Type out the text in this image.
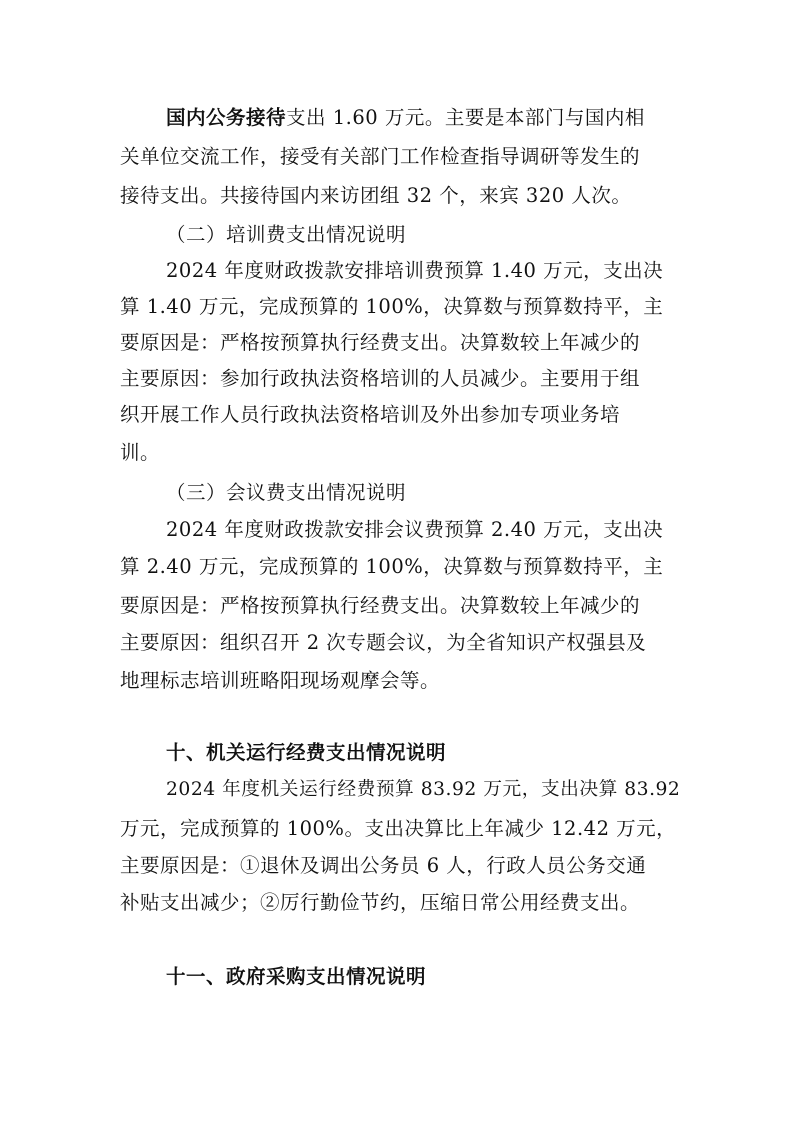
国内公务接待支出 1.60 万元。主要是本部门与国内相
关单位交流工作，接受有关部门工作检查指导调研等发生的
接待支出。共接待国内来访团组 32 个，来宾 320 人次。
（二）培训费支出情况说明
2024 年度财政拨款安排培训费预算 1.40 万元，支出决
算 1.40 万元，完成预算的 100%，决算数与预算数持平，主
要原因是：严格按预算执行经费支出。决算数较上年减少的
主要原因：参加行政执法资格培训的人员减少。主要用于组
织开展工作人员行政执法资格培训及外出参加专项业务培
训。
（三）会议费支出情况说明
2024 年度财政拨款安排会议费预算 2.40 万元，支出决
算 2.40 万元，完成预算的 100%，决算数与预算数持平，主
要原因是：严格按预算执行经费支出。决算数较上年减少的
主要原因：组织召开 2 次专题会议，为全省知识产权强县及
地理标志培训班略阳现场观摩会等。
十、机关运行经费支出情况说明
2024 年度机关运行经费预算 83.92 万元，支出决算 83.92
万元，完成预算的 100%。支出决算比上年减少 12.42 万元，
主要原因是：①退休及调出公务员 6 人，行政人员公务交通
补贴支出减少；②厉行勤俭节约，压缩日常公用经费支出。
十一、政府采购支出情况说明
